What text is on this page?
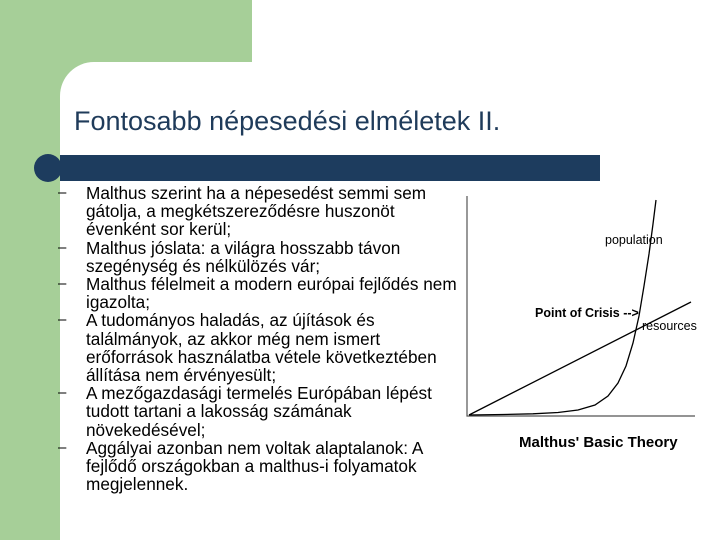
Fontosabb népesedési elméletek II.
–	Malthus szerint ha a népesedést semmi sem gátolja, a megkétszereződésre huszonöt évenként sor kerül;
–	Malthus jóslata: a világra hosszabb távon szegénység és nélkülözés vár;
–	Malthus félelmeit a modern európai fejlődés nem igazolta;
–	A tudományos haladás, az újítások és találmányok, az akkor még nem ismert erőforrások használatba vétele következtében állítása nem érvényesült;
–	A mezőgazdasági termelés Európában lépést tudott tartani a lakosság számának növekedésével;
–	Aggályai azonban nem voltak alaptalanok: A fejlődő országokban a malthus-i folyamatok megjelennek.
population
resources
Point of Crisis -->
Malthus' Basic Theory
